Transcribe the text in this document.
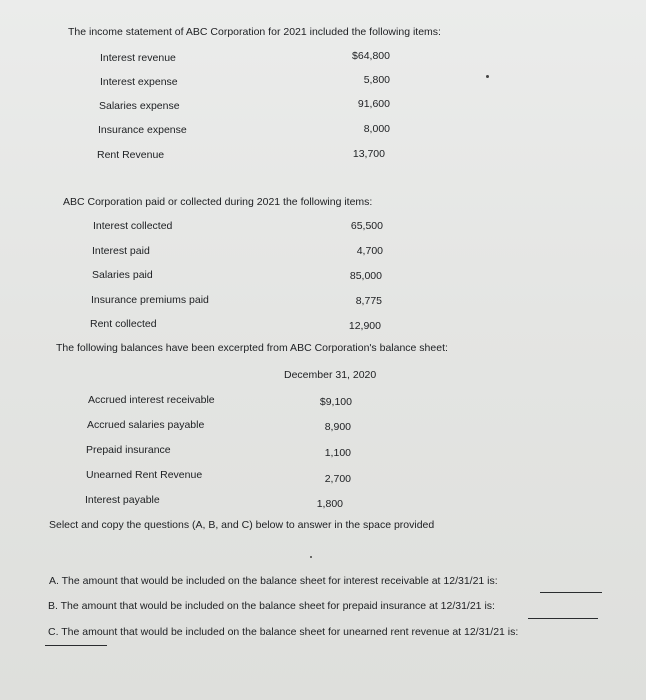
The income statement of ABC Corporation for 2021 included the following items:
Interest revenue	$64,800
Interest expense	5,800
Salaries expense	91,600
Insurance expense	8,000
Rent Revenue	13,700
ABC Corporation paid or collected during 2021 the following items:
Interest collected	65,500
Interest paid	4,700
Salaries paid	85,000
Insurance premiums paid	8,775
Rent collected	12,900
The following balances have been excerpted from ABC Corporation's balance sheet:
December 31, 2020
Accrued interest receivable	$9,100
Accrued salaries payable	8,900
Prepaid insurance	1,100
Unearned Rent Revenue	2,700
Interest payable	1,800
Select and copy the questions (A, B, and C) below to answer in the space provided
A. The amount that would be included on the balance sheet for interest receivable at 12/31/21 is:
B. The amount that would be included on the balance sheet for prepaid insurance at 12/31/21 is:
C. The amount that would be included on the balance sheet for unearned rent revenue at 12/31/21 is:
